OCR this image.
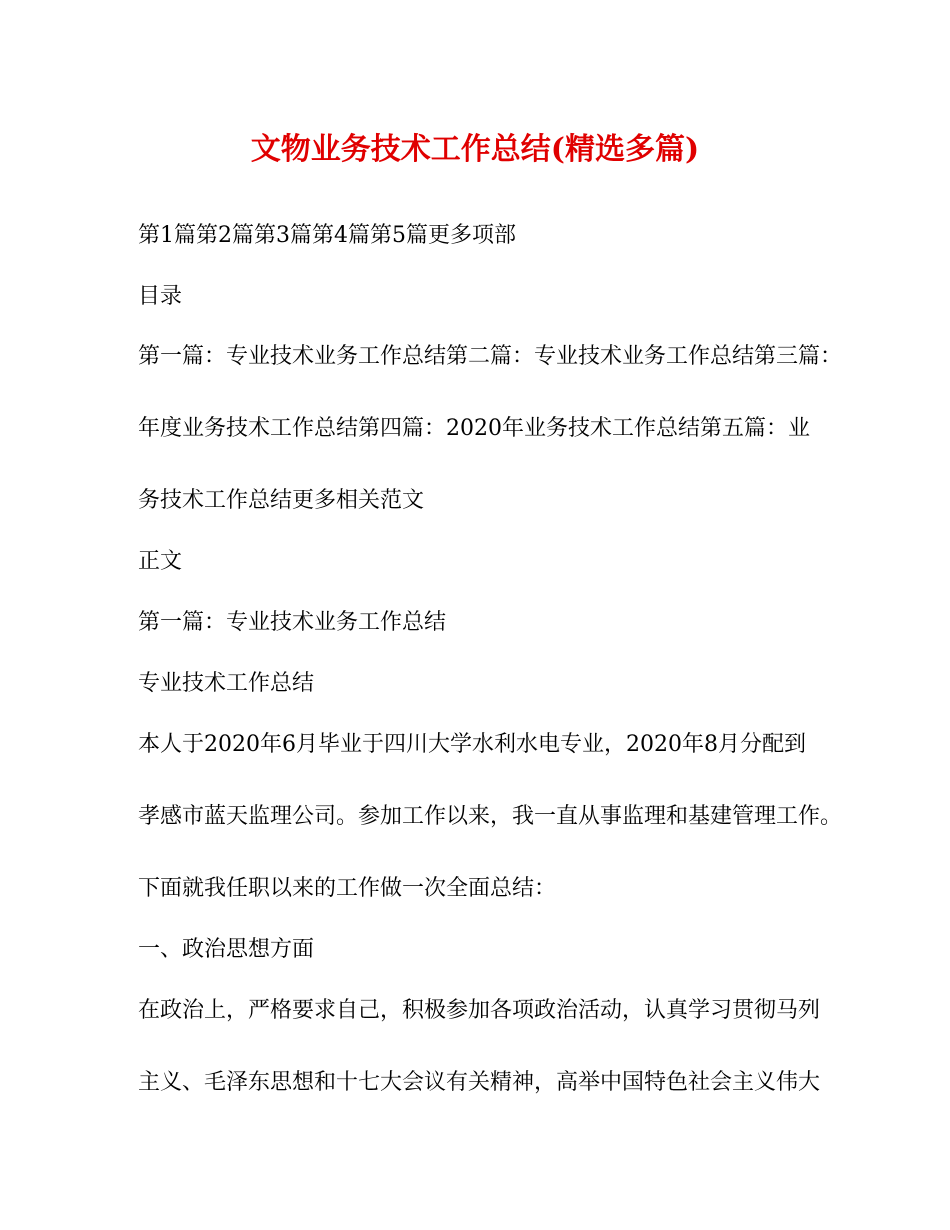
文物业务技术工作总结(精选多篇)
第1篇第2篇第3篇第4篇第5篇更多项部
目录
第一篇：专业技术业务工作总结第二篇：专业技术业务工作总结第三篇：
年度业务技术工作总结第四篇：2020年业务技术工作总结第五篇：业
务技术工作总结更多相关范文
正文
第一篇：专业技术业务工作总结
专业技术工作总结
本人于2020年6月毕业于四川大学水利水电专业，2020年8月分配到
孝感市蓝天监理公司。参加工作以来，我一直从事监理和基建管理工作。
下面就我任职以来的工作做一次全面总结：
一、政治思想方面
在政治上，严格要求自己，积极参加各项政治活动，认真学习贯彻马列
主义、毛泽东思想和十七大会议有关精神，高举中国特色社会主义伟大
